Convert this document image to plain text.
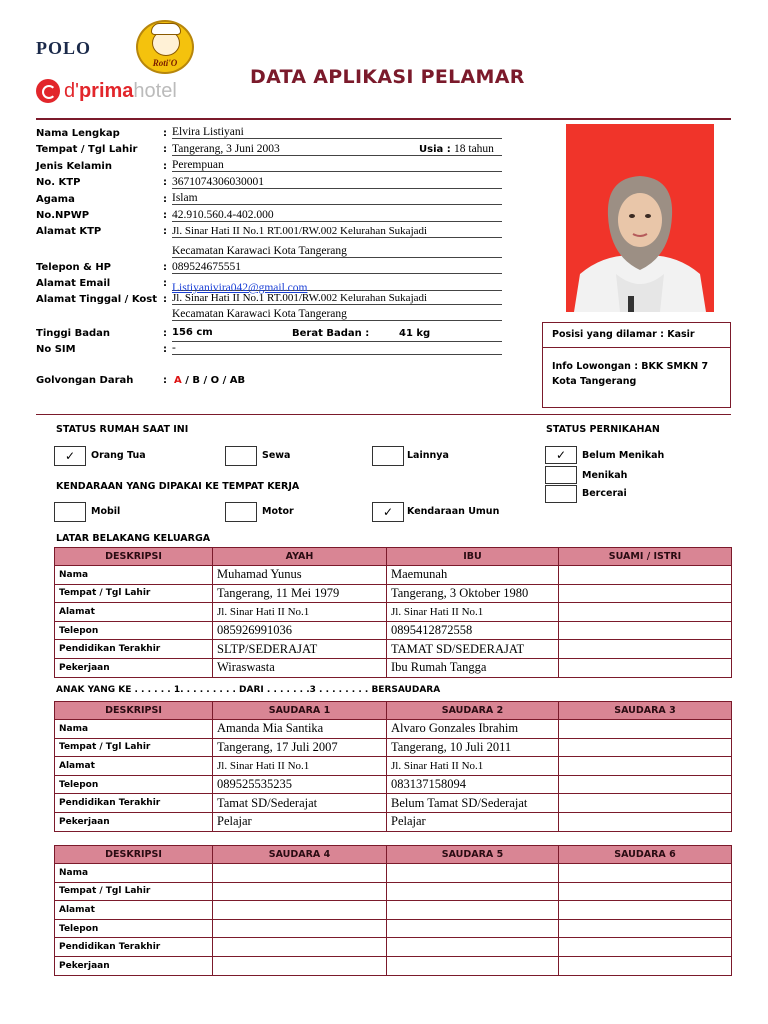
POLO
Roti'O
d'primahotel
DATA APLIKASI PELAMAR
Nama Lengkap	: Elvira Listiyani
Tempat / Tgl Lahir	: Tangerang, 3 Juni 2003	Usia : 18 tahun
Jenis Kelamin	: Perempuan
No. KTP	: 3671074306030001
Agama	: Islam
No.NPWP	: 42.910.560.4-402.000
Alamat KTP	: Jl. Sinar Hati II No.1 RT.001/RW.002 Kelurahan Sukajadi
Kecamatan Karawaci Kota Tangerang
Telepon & HP	: 089524675551
Alamat Email	: Listiyanivira042@gmail.com
Alamat Tinggal / Kost : Jl. Sinar Hati II No.1 RT.001/RW.002 Kelurahan Sukajadi
Kecamatan Karawaci Kota Tangerang
Tinggi Badan	: 156 cm	Berat Badan :	41 kg
No SIM	: -
Golvongan Darah	: A / B / O / AB
Posisi yang dilamar : Kasir
Info Lowongan : BKK SMKN 7
Kota Tangerang
STATUS RUMAH SAAT INI
✓ Orang Tua	Sewa	Lainnya
STATUS PERNIKAHAN
✓ Belum Menikah
Menikah
Bercerai
KENDARAAN YANG DIPAKAI KE TEMPAT KERJA
Mobil	Motor	✓ Kendaraan Umun
LATAR BELAKANG KELUARGA
DESKRIPSI	AYAH	IBU	SUAMI / ISTRI
Nama	Muhamad Yunus	Maemunah	
Tempat / Tgl Lahir	Tangerang, 11 Mei 1979	Tangerang, 3 Oktober 1980	
Alamat	Jl. Sinar Hati II No.1	Jl. Sinar Hati II No.1	
Telepon	085926991036	0895412872558	
Pendidikan Terakhir	SLTP/SEDERAJAT	TAMAT SD/SEDERAJAT	
Pekerjaan	Wiraswasta	Ibu Rumah Tangga	
ANAK YANG KE . . . . . . 1. . . . . . . . . DARI . . . . . . .3 . . . . . . . . BERSAUDARA
DESKRIPSI	SAUDARA 1	SAUDARA 2	SAUDARA 3
Nama	Amanda Mia Santika	Alvaro Gonzales Ibrahim	
Tempat / Tgl Lahir	Tangerang, 17 Juli 2007	Tangerang, 10 Juli 2011	
Alamat	Jl. Sinar Hati II No.1	Jl. Sinar Hati II No.1	
Telepon	089525535235	083137158094	
Pendidikan Terakhir	Tamat SD/Sederajat	Belum Tamat SD/Sederajat	
Pekerjaan	Pelajar	Pelajar	
DESKRIPSI	SAUDARA 4	SAUDARA 5	SAUDARA 6
Nama			
Tempat / Tgl Lahir			
Alamat			
Telepon			
Pendidikan Terakhir			
Pekerjaan			
